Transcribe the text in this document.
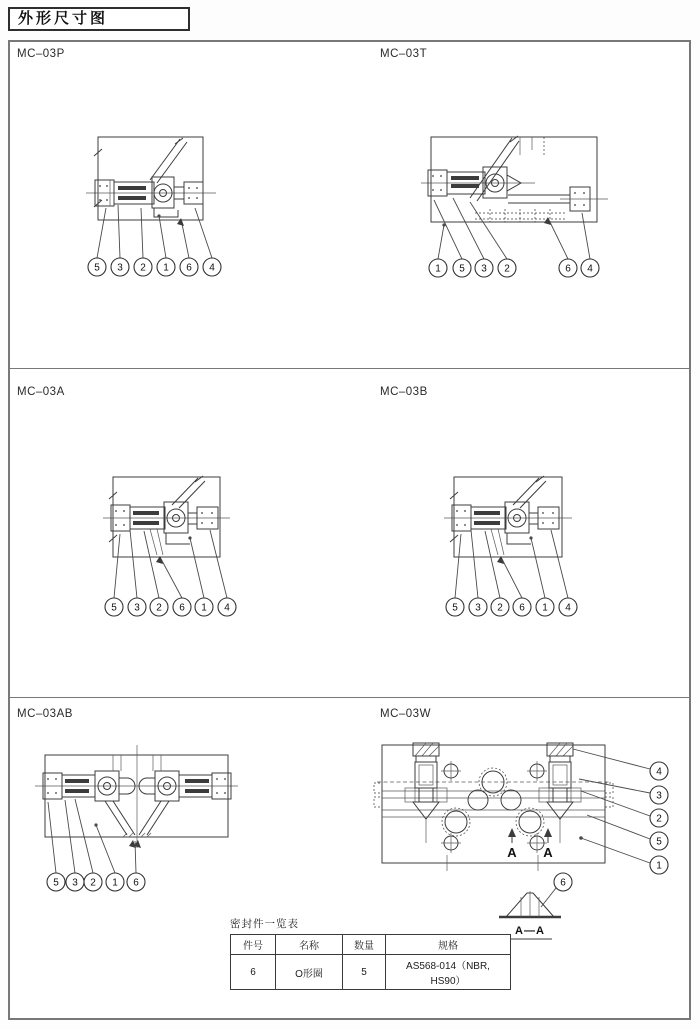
外形尺寸图
MC–03P	MC–03T
MC–03A	MC–03B
MC–03AB	MC–03W
5 3 2 1 6 4	1 5 3 2	6 4
5 3 2 6 1 4	5 3 2 6 1 4
5 3 2 1 6
A A
4
3
2
5
1
6
A—A
密封件一览表
件号	名称	数量	规格
6	O形圈	5	AS568-014（NBR, HS90）
